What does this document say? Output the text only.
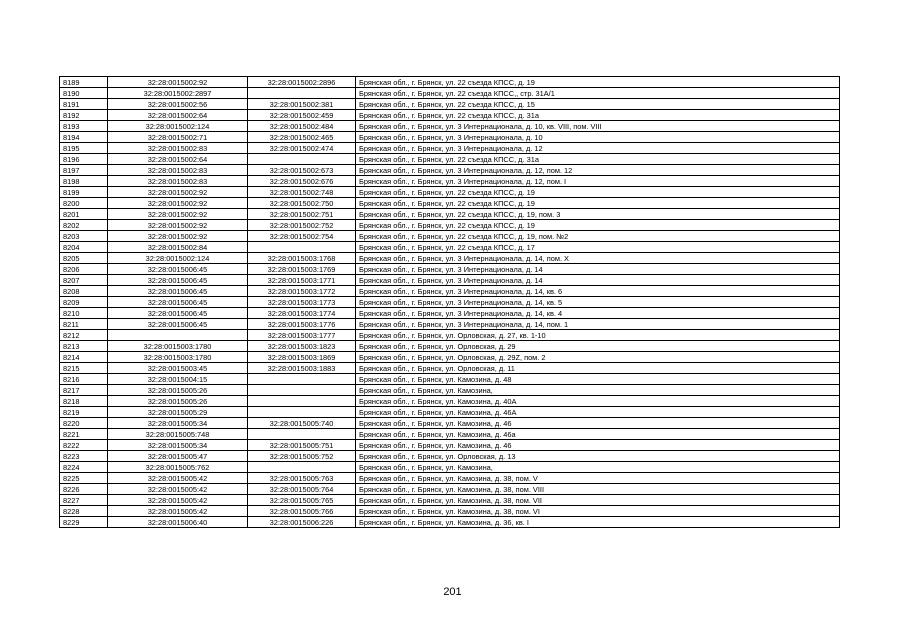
8189	32:28:0015002:92	32:28:0015002:2896	Брянская обл., г. Брянск, ул. 22 съезда КПСС, д. 19
8190	32:28:0015002:2897		Брянская обл., г. Брянск, ул. 22 съезда КПСС,, стр. 31А/1
8191	32:28:0015002:56	32:28:0015002:381	Брянская обл., г. Брянск, ул. 22 съезда КПСС, д. 15
8192	32:28:0015002:64	32:28:0015002:459	Брянская обл., г. Брянск, ул. 22 съезда КПСС, д. 31а
8193	32:28:0015002:124	32:28:0015002:484	Брянская обл., г. Брянск, ул. 3 Интернационала, д. 10, кв. VIII, пом. VIII
8194	32:28:0015002:71	32:28:0015002:465	Брянская обл., г. Брянск, ул. 3 Интернационала, д. 10
8195	32:28:0015002:83	32:28:0015002:474	Брянская обл., г. Брянск, ул. 3 Интернационала, д. 12
8196	32:28:0015002:64		Брянская обл., г. Брянск, ул. 22 съезда КПСС, д. 31а
8197	32:28:0015002:83	32:28:0015002:673	Брянская обл., г. Брянск, ул. 3 Интернационала, д. 12, пом. 12
8198	32:28:0015002:83	32:28:0015002:676	Брянская обл., г. Брянск, ул. 3 Интернационала, д. 12, пом. I
8199	32:28:0015002:92	32:28:0015002:748	Брянская обл., г. Брянск, ул. 22 съезда КПСС, д. 19
8200	32:28:0015002:92	32:28:0015002:750	Брянская обл., г. Брянск, ул. 22 съезда КПСС, д. 19
8201	32:28:0015002:92	32:28:0015002:751	Брянская обл., г. Брянск, ул. 22 съезда КПСС, д. 19, пом. 3
8202	32:28:0015002:92	32:28:0015002:752	Брянская обл., г. Брянск, ул. 22 съезда КПСС, д. 19
8203	32:28:0015002:92	32:28:0015002:754	Брянская обл., г. Брянск, ул. 22 съезда КПСС, д. 19, пом. №2
8204	32:28:0015002:84		Брянская обл., г. Брянск, ул. 22 съезда КПСС, д. 17
8205	32:28:0015002:124	32:28:0015003:1768	Брянская обл., г. Брянск, ул. 3 Интернационала, д. 14, пом. X
8206	32:28:0015006:45	32:28:0015003:1769	Брянская обл., г. Брянск, ул. 3 Интернационала, д. 14
8207	32:28:0015006:45	32:28:0015003:1771	Брянская обл., г. Брянск, ул. 3 Интернационала, д. 14
8208	32:28:0015006:45	32:28:0015003:1772	Брянская обл., г. Брянск, ул. 3 Интернационала, д. 14, кв. 6
8209	32:28:0015006:45	32:28:0015003:1773	Брянская обл., г. Брянск, ул. 3 Интернационала, д. 14, кв. 5
8210	32:28:0015006:45	32:28:0015003:1774	Брянская обл., г. Брянск, ул. 3 Интернационала, д. 14, кв. 4
8211	32:28:0015006:45	32:28:0015003:1776	Брянская обл., г. Брянск, ул. 3 Интернационала, д. 14, пом. 1
8212		32:28:0015003:1777	Брянская обл., г. Брянск, ул. Орловская, д. 27, кв. 1-10
8213	32:28:0015003:1780	32:28:0015003:1823	Брянская обл., г. Брянск, ул. Орловская, д. 29
8214	32:28:0015003:1780	32:28:0015003:1869	Брянская обл., г. Брянск, ул. Орловская, д. 29Z, пом. 2
8215	32:28:0015003:45	32:28:0015003:1883	Брянская обл., г. Брянск, ул. Орловская, д. 11
8216	32:28:0015004:15		Брянская обл., г. Брянск, ул. Камозина, д. 48
8217	32:28:0015005:26		Брянская обл., г. Брянск, ул. Камозина,
8218	32:28:0015005:26		Брянская обл., г. Брянск, ул. Камозина, д. 40А
8219	32:28:0015005:29		Брянская обл., г. Брянск, ул. Камозина, д. 46А
8220	32:28:0015005:34	32:28:0015005:740	Брянская обл., г. Брянск, ул. Камозина, д. 46
8221	32:28:0015005:748		Брянская обл., г. Брянск, ул. Камозина, д. 46а
8222	32:28:0015005:34	32:28:0015005:751	Брянская обл., г. Брянск, ул. Камозина, д. 46
8223	32:28:0015005:47	32:28:0015005:752	Брянская обл., г. Брянск, ул. Орловская, д. 13
8224	32:28:0015005:762		Брянская обл., г. Брянск, ул. Камозина,
8225	32:28:0015005:42	32:28:0015005:763	Брянская обл., г. Брянск, ул. Камозина, д. 38, пом. V
8226	32:28:0015005:42	32:28:0015005:764	Брянская обл., г. Брянск, ул. Камозина, д. 38, пом. VIII
8227	32:28:0015005:42	32:28:0015005:765	Брянская обл., г. Брянск, ул. Камозина, д. 38, пом. VII
8228	32:28:0015005:42	32:28:0015005:766	Брянская обл., г. Брянск, ул. Камозина, д. 38, пом. VI
8229	32:28:0015006:40	32:28:0015006:226	Брянская обл., г. Брянск, ул. Камозина, д. 36, кв. I
201
